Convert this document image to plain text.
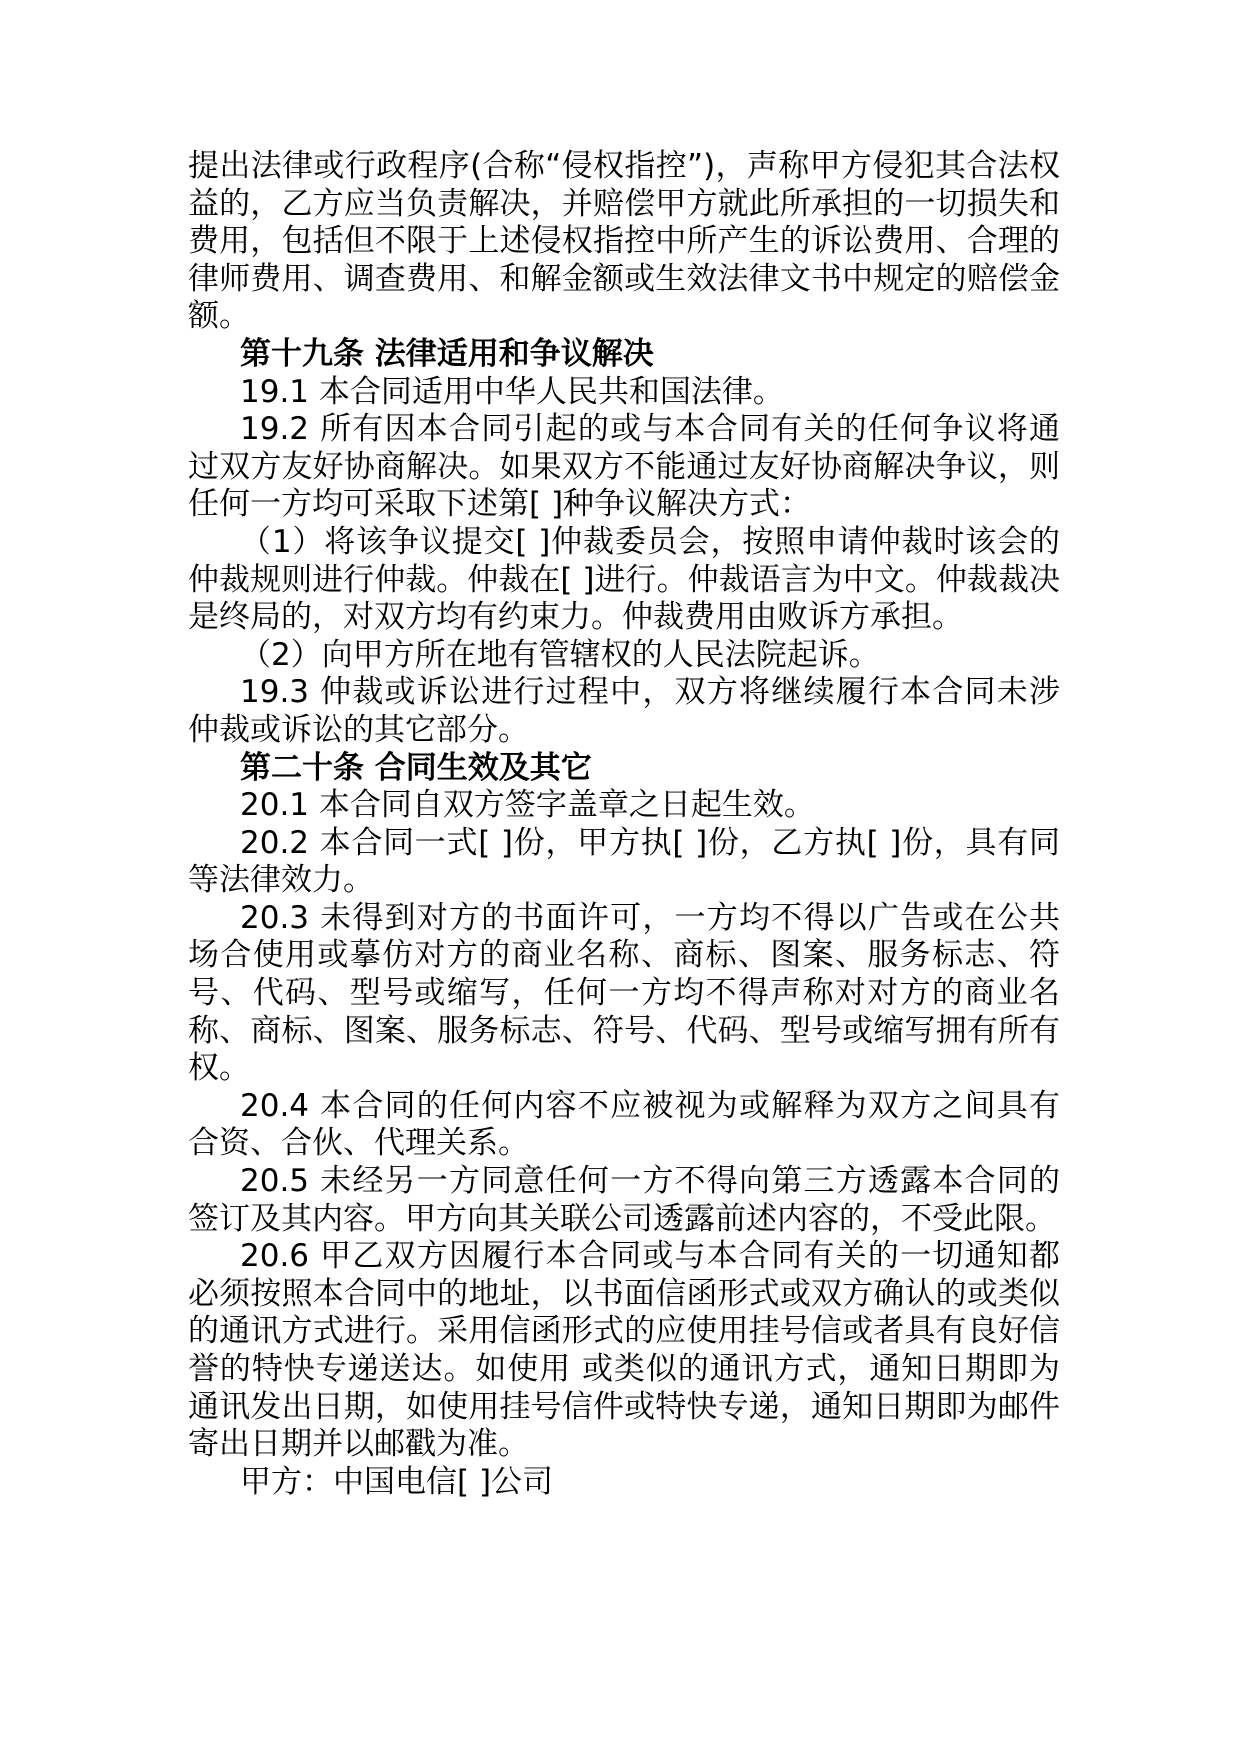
提出法律或行政程序(合称“侵权指控”)，声称甲方侵犯其合法权益的，乙方应当负责解决，并赔偿甲方就此所承担的一切损失和费用，包括但不限于上述侵权指控中所产生的诉讼费用、合理的律师费用、调查费用、和解金额或生效法律文书中规定的赔偿金额。

第十九条 法律适用和争议解决

19.1 本合同适用中华人民共和国法律。

19.2 所有因本合同引起的或与本合同有关的任何争议将通过双方友好协商解决。如果双方不能通过友好协商解决争议，则任何一方均可采取下述第[ ]种争议解决方式：

（1）将该争议提交[ ]仲裁委员会，按照申请仲裁时该会的仲裁规则进行仲裁。仲裁在[ ]进行。仲裁语言为中文。仲裁裁决是终局的，对双方均有约束力。仲裁费用由败诉方承担。

（2）向甲方所在地有管辖权的人民法院起诉。

19.3 仲裁或诉讼进行过程中，双方将继续履行本合同未涉仲裁或诉讼的其它部分。

第二十条 合同生效及其它

20.1 本合同自双方签字盖章之日起生效。

20.2 本合同一式[ ]份，甲方执[ ]份，乙方执[ ]份，具有同等法律效力。

20.3 未得到对方的书面许可，一方均不得以广告或在公共场合使用或摹仿对方的商业名称、商标、图案、服务标志、符号、代码、型号或缩写，任何一方均不得声称对对方的商业名称、商标、图案、服务标志、符号、代码、型号或缩写拥有所有权。

20.4 本合同的任何内容不应被视为或解释为双方之间具有合资、合伙、代理关系。

20.5 未经另一方同意任何一方不得向第三方透露本合同的签订及其内容。甲方向其关联公司透露前述内容的，不受此限。

20.6 甲乙双方因履行本合同或与本合同有关的一切通知都必须按照本合同中的地址，以书面信函形式或双方确认的或类似的通讯方式进行。采用信函形式的应使用挂号信或者具有良好信誉的特快专递送达。如使用 或类似的通讯方式，通知日期即为通讯发出日期，如使用挂号信件或特快专递，通知日期即为邮件寄出日期并以邮戳为准。

甲方：中国电信[ ]公司
